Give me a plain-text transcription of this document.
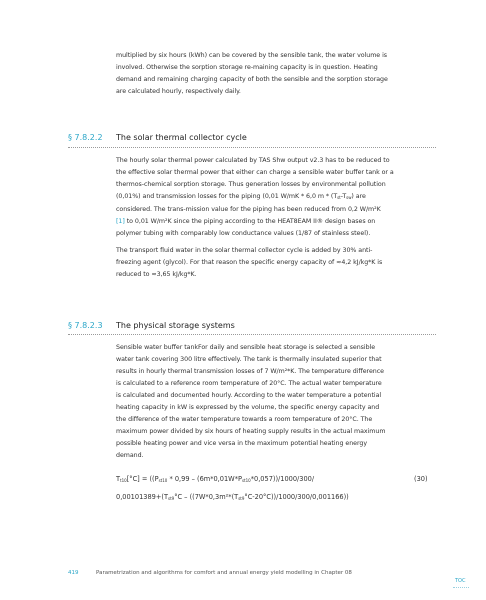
multiplied by six hours (kWh) can be covered by the sensible tank, the water volume is
involved. Otherwise the sorption storage re-maining capacity is in question. Heating
demand and remaining charging capacity of both the sensible and the sorption storage
are calculated hourly, respectively daily.
§ 7.8.2.2 The solar thermal collector cycle
The hourly solar thermal power calculated by TAS Shw output v2.3 has to be reduced to
the effective solar thermal power that either can charge a sensible water buffer tank or a
thermos-chemical sorption storage. Thus generation losses by environmental pollution
(0,01%) and transmission losses for the piping (0,01 W/mK * 6,0 m * $(T_{st}-T_{sw})$ are
considered. The trans-mission value for the piping has been reduced from 0,2 W/m²K
[1] to 0,01 W/m²K since the piping according to the HEAT8EAM II® design bases on
polymer tubing with comparably low conductance values (1/87 of stainless steel).
The transport fluid water in the solar thermal collector cycle is added by 30% anti-
freezing agent (glycol). For that reason the specific energy capacity of ≈4,2 kJ/kg*K is
reduced to ≈3,65 kJ/kg*K.
§ 7.8.2.3 The physical storage systems
Sensible water buffer tankFor daily and sensible heat storage is selected a sensible
water tank covering 300 litre effectively. The tank is thermally insulated superior that
results in hourly thermal transmission losses of 7 W/m²*K. The temperature difference
is calculated to a reference room temperature of 20°C. The actual water temperature
is calculated and documented hourly. According to the water temperature a potential
heating capacity in kW is expressed by the volume, the specific energy capacity and
the difference of the water temperature towards a room temperature of 20°C. The
maximum power divided by six hours of heating supply results in the actual maximum
possible heating power and vice versa in the maximum potential heating energy
demand.
$T_{t10}[^\circ C] = ((P_{st10} * 0,99 - (6m*0,01W*P_{st10}*0,057))/1000/300/$	(30)
$0,00101389+(T_{st9}^\circ C - ((7W*0,3m^2*(T_{st9}^\circ C-20^\circ C))/1000/300/0,001166))$
419	Parametrization and algorithms for comfort and annual energy yield modelling in Chapter 08
TOC
